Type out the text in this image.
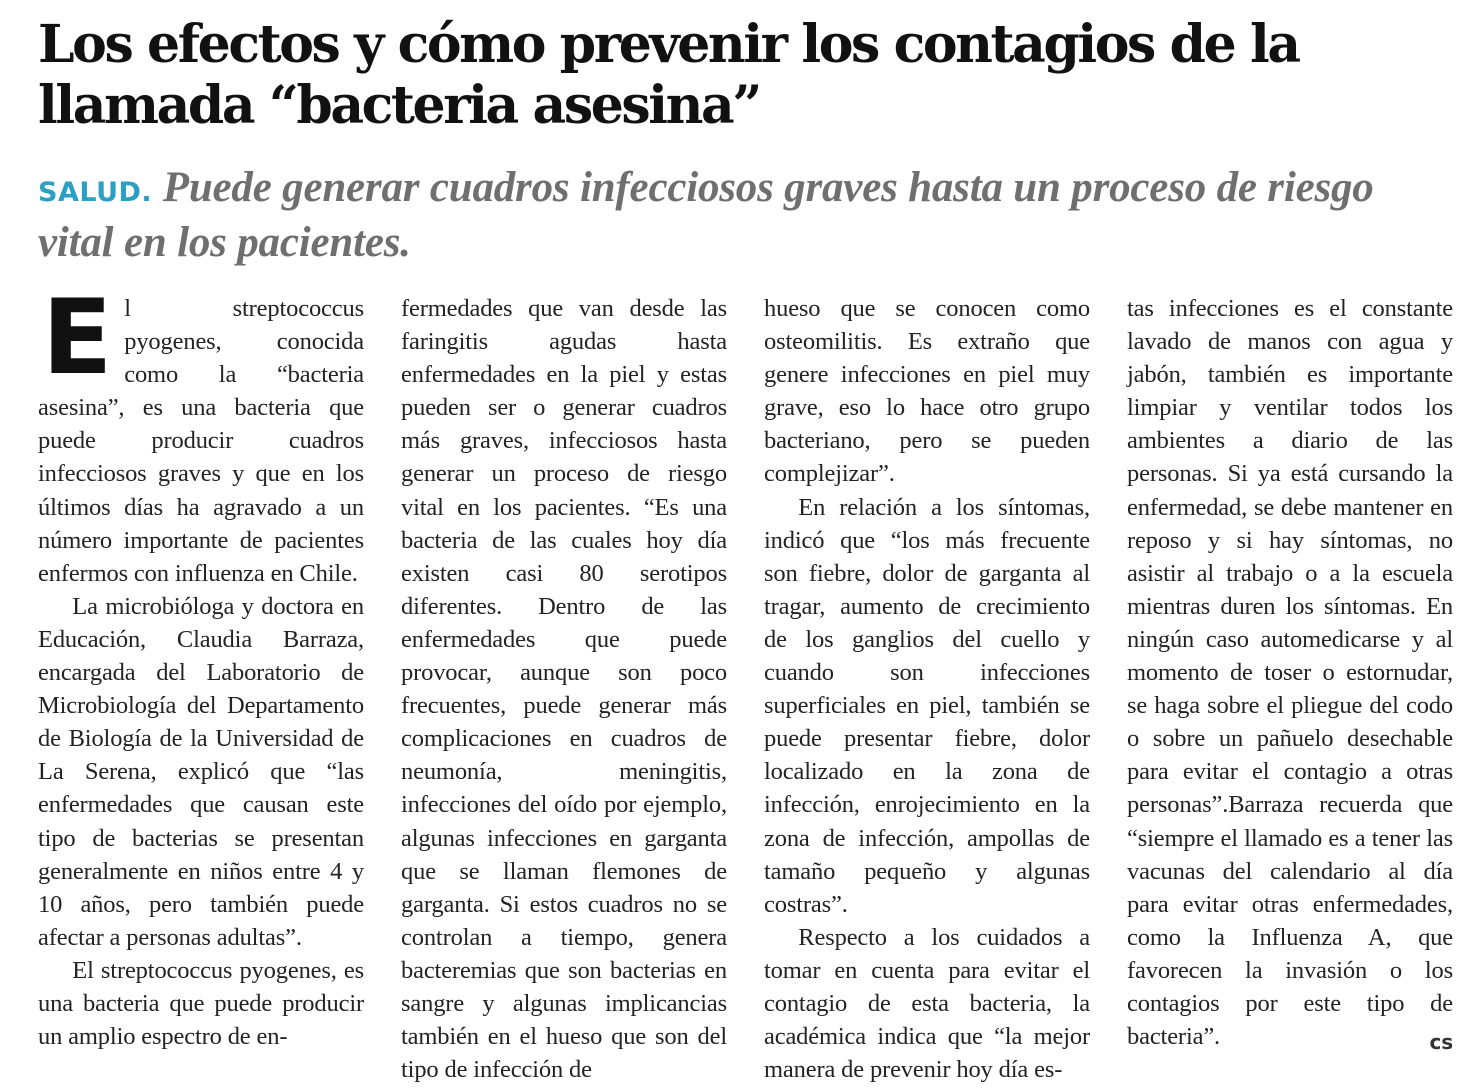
Los efectos y cómo prevenir los contagios de la llamada “bacteria asesina”

SALUD. Puede generar cuadros infecciosos graves hasta un proceso de riesgo vital en los pacientes.

El streptococcus pyogenes, conocida como la “bacteria asesina”, es una bacteria que puede producir cuadros infecciosos graves y que en los últimos días ha agravado a un número importante de pacientes enfermos con influenza en Chile.

La microbióloga y doctora en Educación, Claudia Barraza, encargada del Laboratorio de Microbiología del Departamento de Biología de la Universidad de La Serena, explicó que “las enfermedades que causan este tipo de bacterias se presentan generalmente en niños entre 4 y 10 años, pero también puede afectar a personas adultas”.

El streptococcus pyogenes, es una bacteria que puede producir un amplio espectro de en-

fermedades que van desde las faringitis agudas hasta enfermedades en la piel y estas pueden ser o generar cuadros más graves, infecciosos hasta generar un proceso de riesgo vital en los pacientes. “Es una bacteria de las cuales hoy día existen casi 80 serotipos diferentes. Dentro de las enfermedades que puede provocar, aunque son poco frecuentes, puede generar más complicaciones en cuadros de neumonía, meningitis, infecciones del oído por ejemplo, algunas infecciones en garganta que se llaman flemones de garganta. Si estos cuadros no se controlan a tiempo, genera bacteremias que son bacterias en sangre y algunas implicancias también en el hueso que son del tipo de infección de

hueso que se conocen como osteomilitis. Es extraño que genere infecciones en piel muy grave, eso lo hace otro grupo bacteriano, pero se pueden complejizar”.

En relación a los síntomas, indicó que “los más frecuente son fiebre, dolor de garganta al tragar, aumento de crecimiento de los ganglios del cuello y cuando son infecciones superficiales en piel, también se puede presentar fiebre, dolor localizado en la zona de infección, enrojecimiento en la zona de infección, ampollas de tamaño pequeño y algunas costras”.

Respecto a los cuidados a tomar en cuenta para evitar el contagio de esta bacteria, la académica indica que “la mejor manera de prevenir hoy día es-

tas infecciones es el constante lavado de manos con agua y jabón, también es importante limpiar y ventilar todos los ambientes a diario de las personas. Si ya está cursando la enfermedad, se debe mantener en reposo y si hay síntomas, no asistir al trabajo o a la escuela mientras duren los síntomas. En ningún caso automedicarse y al momento de toser o estornudar, se haga sobre el pliegue del codo o sobre un pañuelo desechable para evitar el contagio a otras personas”.Barraza recuerda que “siempre el llamado es a tener las vacunas del calendario al día para evitar otras enfermedades, como la Influenza A, que favorecen la invasión o los contagios por este tipo de bacteria”.	cs
